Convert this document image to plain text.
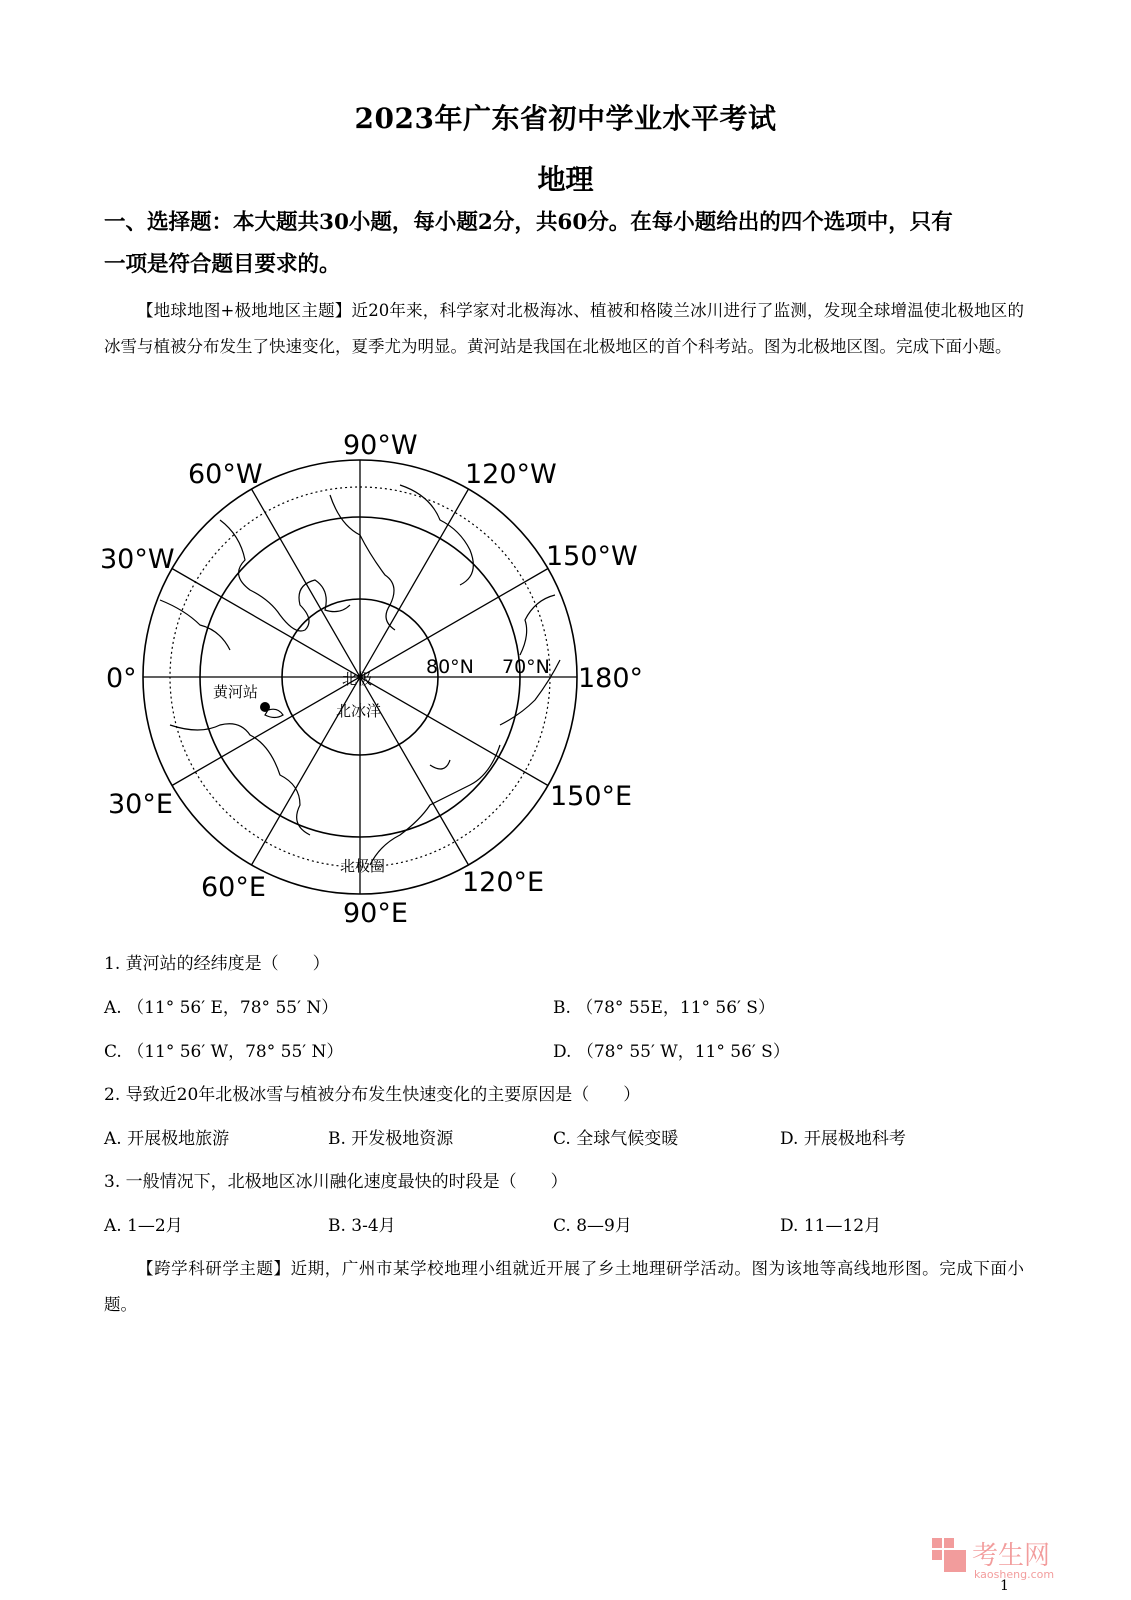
2023年广东省初中学业水平考试
地理
一、选择题：本大题共30小题，每小题2分，共60分。在每小题给出的四个选项中，只有
一项是符合题目要求的。
【地球地图+极地地区主题】近20年来，科学家对北极海冰、植被和格陵兰冰川进行了监测，发现全球增温使北极地区的冰雪与植被分布发生了快速变化，夏季尤为明显。黄河站是我国在北极地区的首个科考站。图为北极地区图。完成下面小题。
90°W
60°W	120°W
30°W	150°W
0°	180°
30°E	150°E
60°E	120°E
90°E
80°N 70°N
北极
北冰洋
黄河站
北极圈
1. 黄河站的经纬度是（　　）
A. （11° 56′ E，78° 55′ N）	B. （78° 55E，11° 56′ S）
C. （11° 56′ W，78° 55′ N）	D. （78° 55′ W，11° 56′ S）
2. 导致近20年北极冰雪与植被分布发生快速变化的主要原因是（　　）
A. 开展极地旅游	B. 开发极地资源	C. 全球气候变暖	D. 开展极地科考
3. 一般情况下，北极地区冰川融化速度最快的时段是（　　）
A. 1—2月	B. 3-4月	C. 8—9月	D. 11—12月
【跨学科研学主题】近期，广州市某学校地理小组就近开展了乡土地理研学活动。图为该地等高线地形图。完成下面小题。
考生网
kaosheng.com
1
